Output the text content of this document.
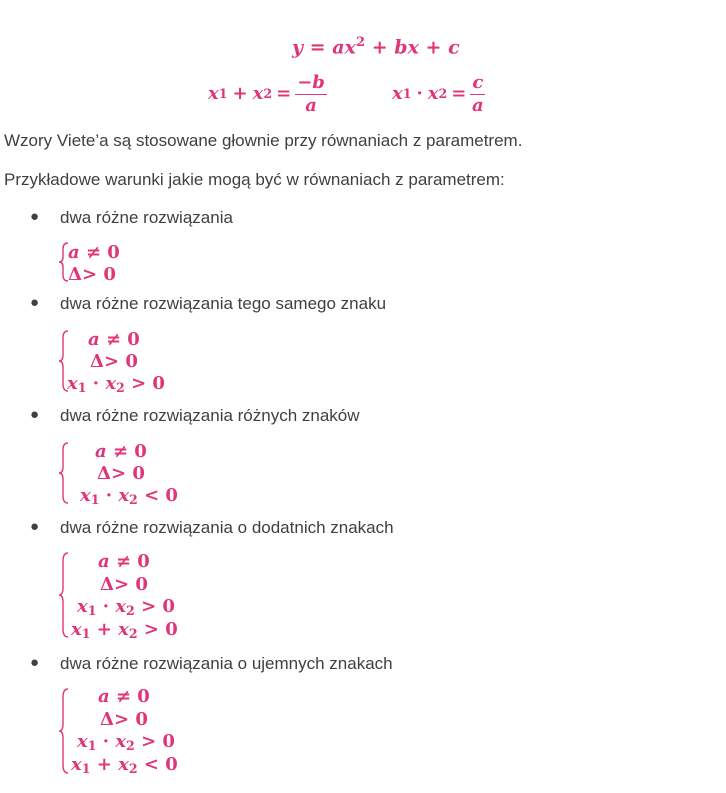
$y = ax^2$ + bx + c
x 1 + x $2 = \frac{-b}{a}$	x 1 · x $2 = \frac{c}{a}$
Wzory Viete’a są stosowane głownie przy równaniach z parametrem.
Przykładowe warunki jakie mogą być w równaniach z parametrem:
● dwa różne rozwiązania
a ≠ 0
Δ> 0
● dwa różne rozwiązania tego samego znaku
a ≠ 0
Δ> 0
$x_1 \cdot x_2 > 0$
● dwa różne rozwiązania różnych znaków
a ≠ 0
Δ> 0
$x_1 \cdot x_2 < 0$
● dwa różne rozwiązania o dodatnich znakach
a ≠ 0
Δ> 0
$x_1 \cdot x_2 > 0$
$x_1 + x_2 > 0$
● dwa różne rozwiązania o ujemnych znakach
a ≠ 0
Δ> 0
$x_1 \cdot x_2 > 0$
$x_1 + x_2 < 0$
